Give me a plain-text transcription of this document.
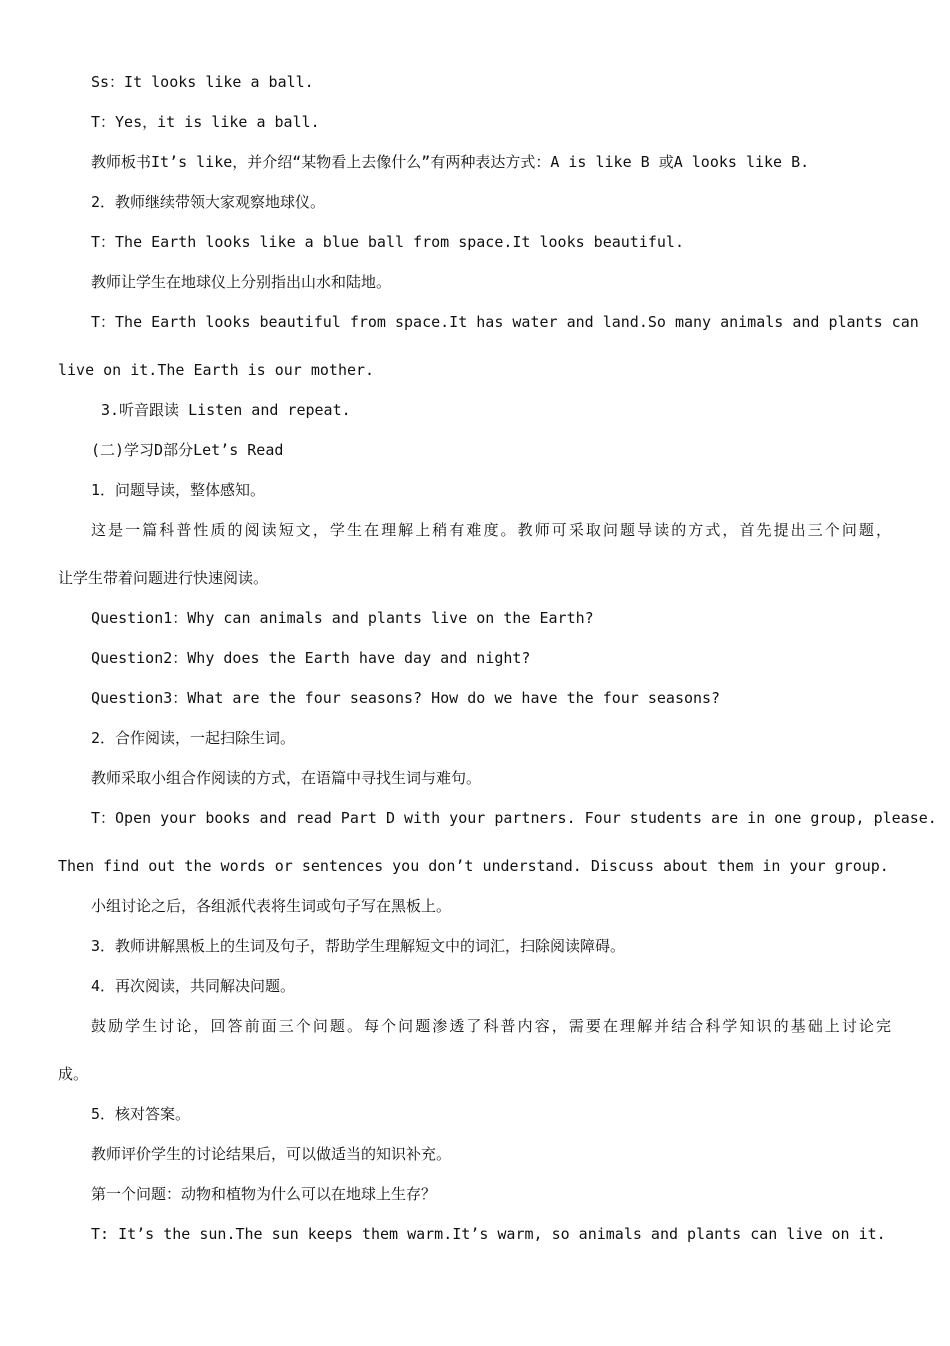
Ss：It looks like a ball.
T：Yes，it is like a ball.
教师板书It’s like，并介绍“某物看上去像什么”有两种表达方式：A is like B 或A looks like B.
2．教师继续带领大家观察地球仪。
T：The Earth looks like a blue ball from space.It looks beautiful.
教师让学生在地球仪上分别指出山水和陆地。
T：The Earth looks beautiful from space.It has water and land.So many animals and plants can
live on it.The Earth is our mother.
3.听音跟读 Listen and repeat.
(二)学习D部分Let’s Read
1．问题导读，整体感知。
这是一篇科普性质的阅读短文，学生在理解上稍有难度。教师可采取问题导读的方式，首先提出三个问题，
让学生带着问题进行快速阅读。
Question1：Why can animals and plants live on the Earth?
Question2：Why does the Earth have day and night?
Question3：What are the four seasons? How do we have the four seasons?
2．合作阅读，一起扫除生词。
教师采取小组合作阅读的方式，在语篇中寻找生词与难句。
T：Open your books and read Part D with your partners. Four students are in one group, please.
Then find out the words or sentences you don’t understand. Discuss about them in your group.
小组讨论之后，各组派代表将生词或句子写在黑板上。
3．教师讲解黑板上的生词及句子，帮助学生理解短文中的词汇，扫除阅读障碍。
4．再次阅读，共同解决问题。
鼓励学生讨论，回答前面三个问题。每个问题渗透了科普内容，需要在理解并结合科学知识的基础上讨论完
成。
5．核对答案。
教师评价学生的讨论结果后，可以做适当的知识补充。
第一个问题：动物和植物为什么可以在地球上生存？
T: It’s the sun.The sun keeps them warm.It’s warm, so animals and plants can live on it.
